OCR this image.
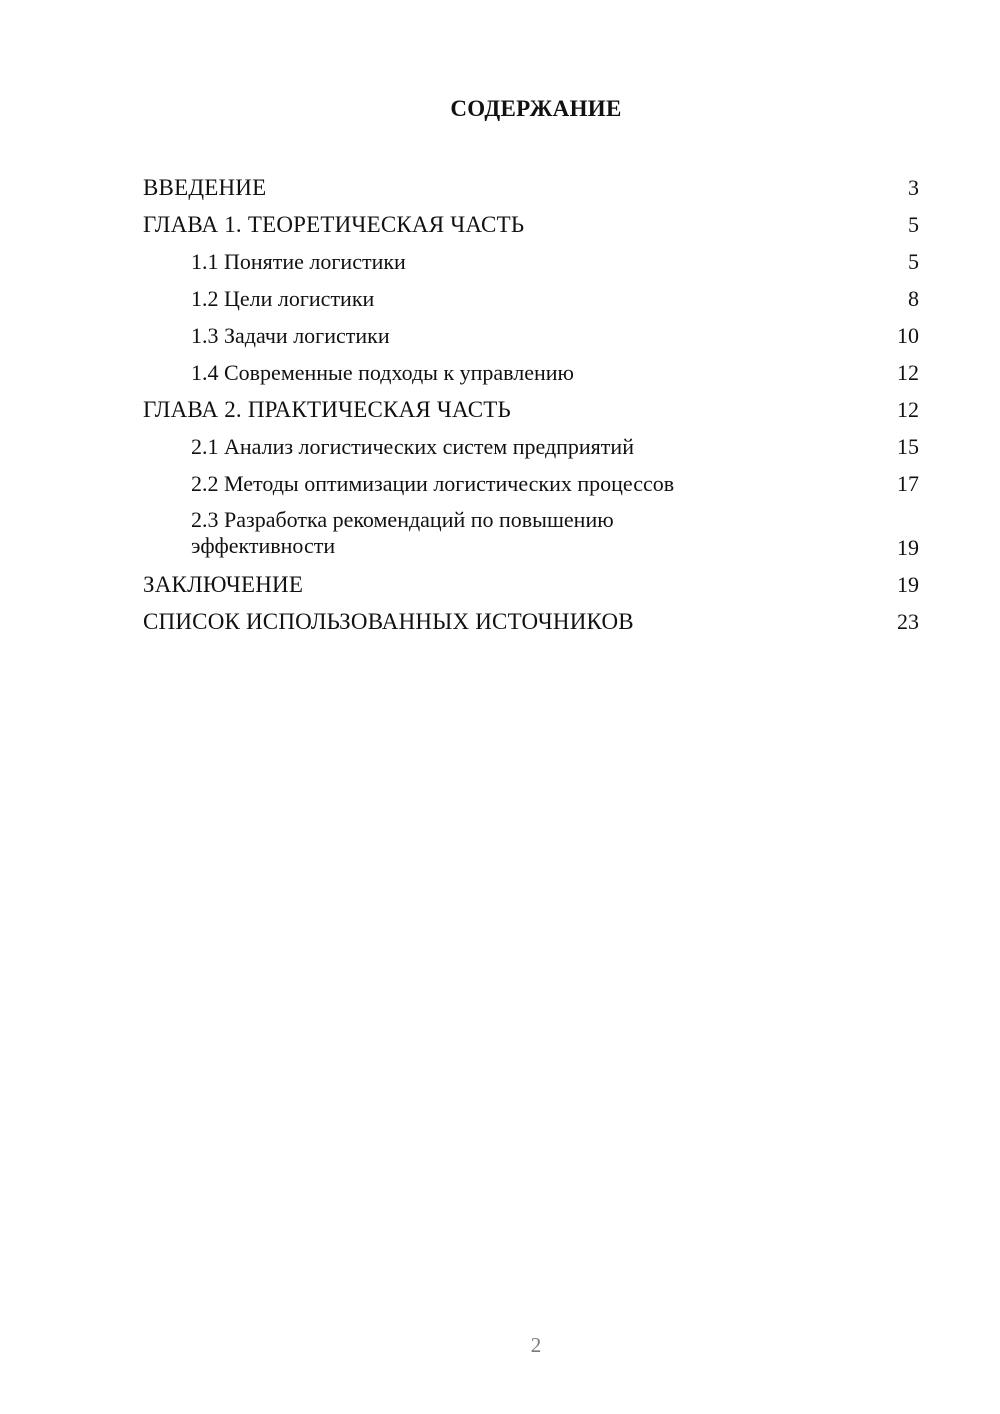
СОДЕРЖАНИЕ
ВВЕДЕНИЕ	3
ГЛАВА 1. ТЕОРЕТИЧЕСКАЯ ЧАСТЬ	5
1.1 Понятие логистики	5
1.2 Цели логистики	8
1.3 Задачи логистики	10
1.4 Современные подходы к управлению	12
ГЛАВА 2. ПРАКТИЧЕСКАЯ ЧАСТЬ	12
2.1 Анализ логистических систем предприятий	15
2.2 Методы оптимизации логистических процессов	17
2.3 Разработка рекомендаций по повышению эффективности	19
ЗАКЛЮЧЕНИЕ	19
СПИСОК ИСПОЛЬЗОВАННЫХ ИСТОЧНИКОВ	23
2
